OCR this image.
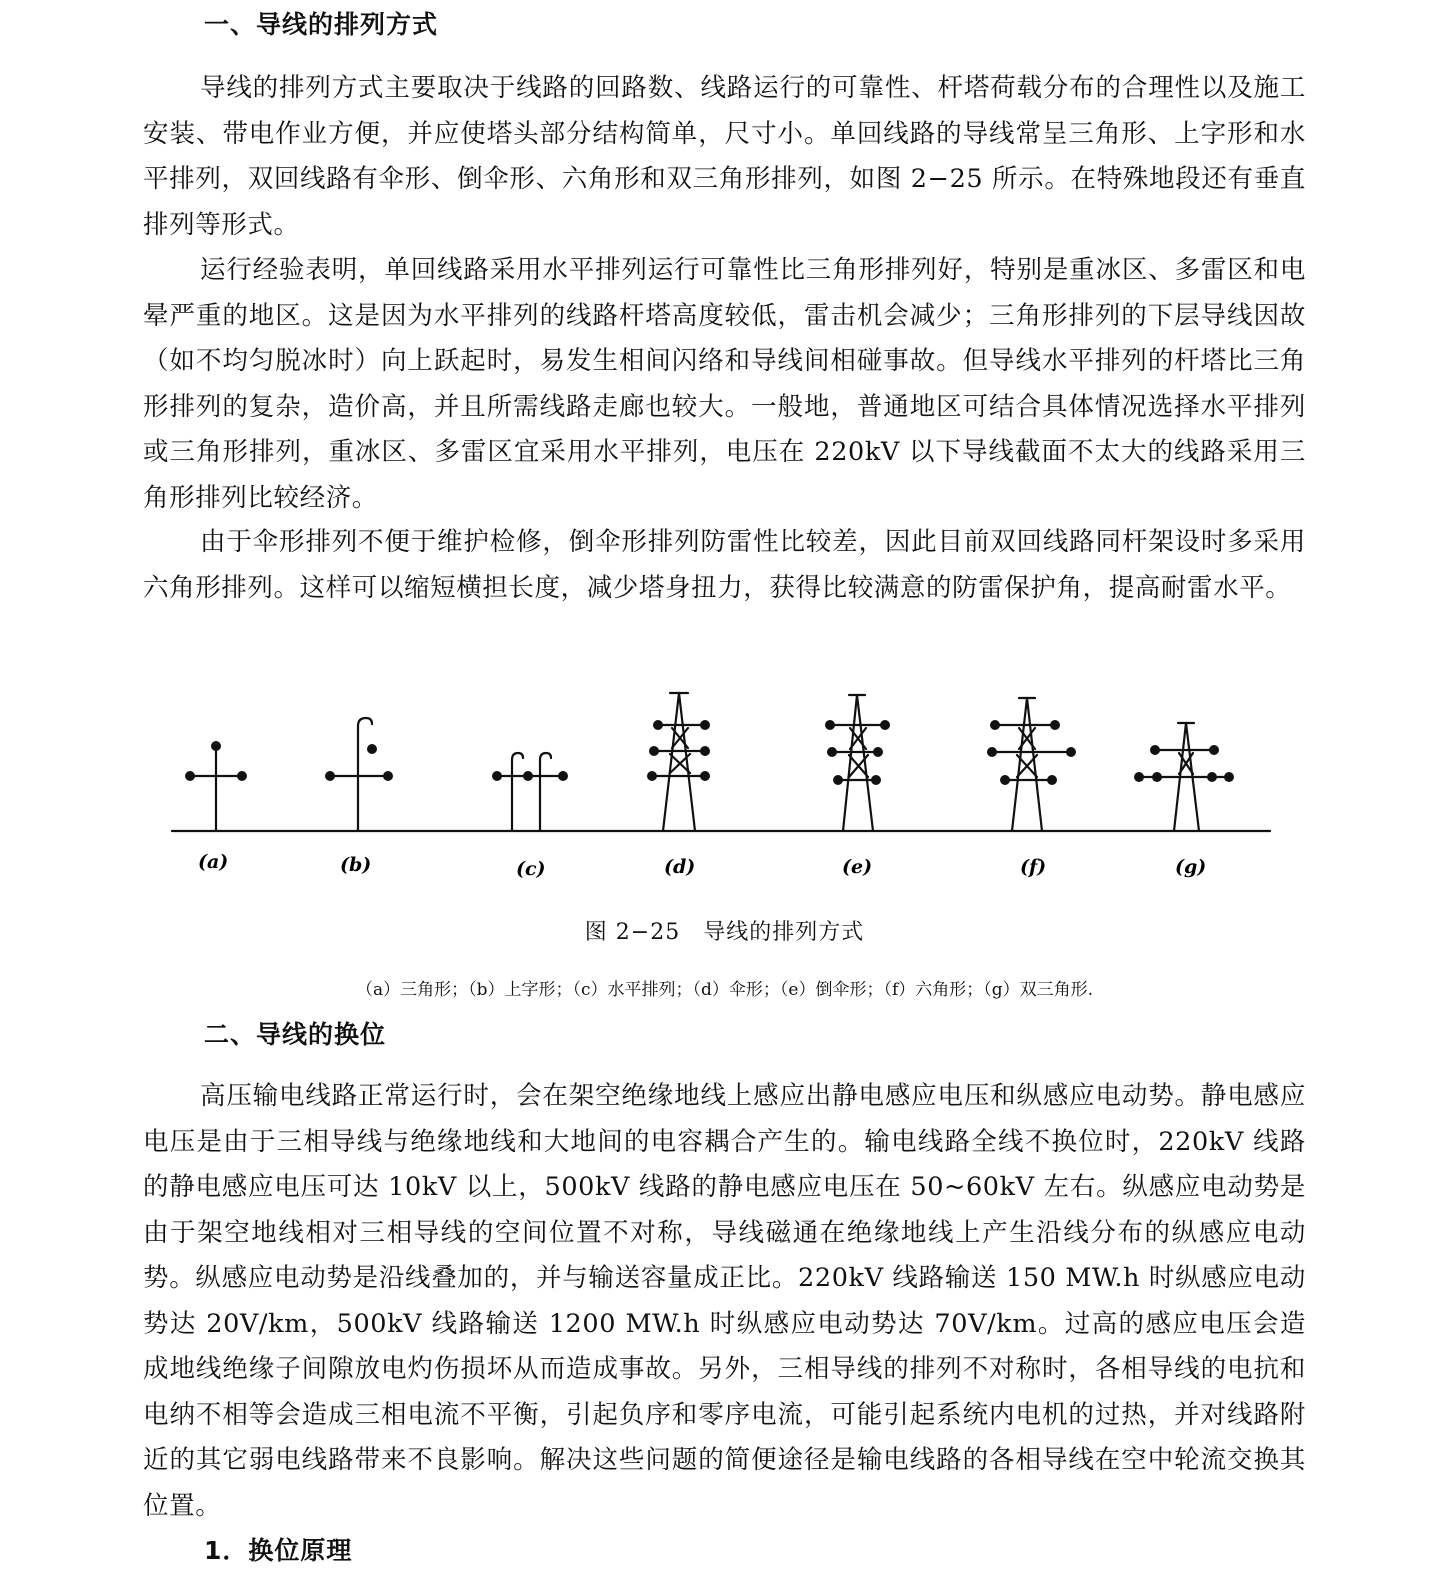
一、导线的排列方式

导线的排列方式主要取决于线路的回路数、线路运行的可靠性、杆塔荷载分布的合理性以及施工安装、带电作业方便，并应使塔头部分结构简单，尺寸小。单回线路的导线常呈三角形、上字形和水平排列，双回线路有伞形、倒伞形、六角形和双三角形排列，如图 2−25 所示。在特殊地段还有垂直排列等形式。

运行经验表明，单回线路采用水平排列运行可靠性比三角形排列好，特别是重冰区、多雷区和电晕严重的地区。这是因为水平排列的线路杆塔高度较低，雷击机会减少；三角形排列的下层导线因故（如不均匀脱冰时）向上跃起时，易发生相间闪络和导线间相碰事故。但导线水平排列的杆塔比三角形排列的复杂，造价高，并且所需线路走廊也较大。一般地，普通地区可结合具体情况选择水平排列或三角形排列，重冰区、多雷区宜采用水平排列，电压在 220kV 以下导线截面不太大的线路采用三角形排列比较经济。

由于伞形排列不便于维护检修，倒伞形排列防雷性比较差，因此目前双回线路同杆架设时多采用六角形排列。这样可以缩短横担长度，减少塔身扭力，获得比较满意的防雷保护角，提高耐雷水平。

(a)	(b)	(c)	(d)	(e)	(f)	(g)

图 2−25　导线的排列方式

（a）三角形；（b）上字形；（c）水平排列；（d）伞形；（e）倒伞形；（f）六角形；（g）双三角形.

二、导线的换位

高压输电线路正常运行时，会在架空绝缘地线上感应出静电感应电压和纵感应电动势。静电感应电压是由于三相导线与绝缘地线和大地间的电容耦合产生的。输电线路全线不换位时，220kV 线路的静电感应电压可达 10kV 以上，500kV 线路的静电感应电压在 50~60kV 左右。纵感应电动势是由于架空地线相对三相导线的空间位置不对称，导线磁通在绝缘地线上产生沿线分布的纵感应电动势。纵感应电动势是沿线叠加的，并与输送容量成正比。220kV 线路输送 150 MW.h 时纵感应电动势达 20V/km，500kV 线路输送 1200 MW.h 时纵感应电动势达 70V/km。过高的感应电压会造成地线绝缘子间隙放电灼伤损坏从而造成事故。另外，三相导线的排列不对称时，各相导线的电抗和电纳不相等会造成三相电流不平衡，引起负序和零序电流，可能引起系统内电机的过热，并对线路附近的其它弱电线路带来不良影响。解决这些问题的简便途径是输电线路的各相导线在空中轮流交换其位置。

1．换位原理
